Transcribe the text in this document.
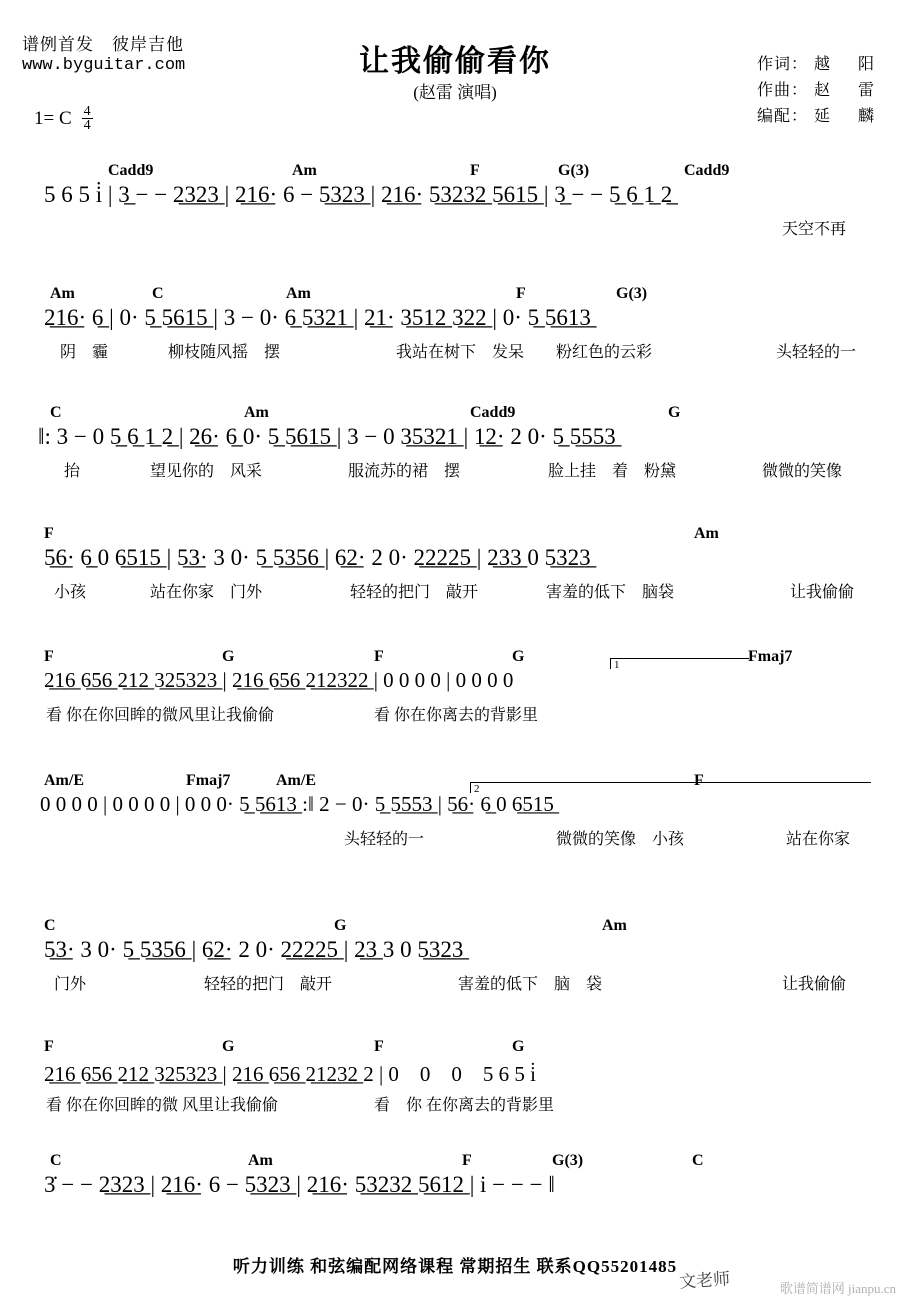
谱例首发　彼岸吉他
www.byguitar.com	让我偷偷看你
(赵雷 演唱)
作词： 越　阳
作曲： 赵　雷
编配： 延　麟
1= C $\frac{4}{4}$
Cadd9	Am	F	G(3)	Cadd9
5 6 5 i̇ | 3̲ − − 2̲3̲2̲3̲ | 2̲1̲6̲· 6 − 5̲3̲2̲3̲ | 2̲1̲6̲· 5̲3̲2̲3̲2̲ 5̲6̲1̲5̲ | 3̲ − − 5̲ 6̲ 1̲ 2̲
天空不再
Am	C	Am	F	G(3)
2̲1̲6̲· 6̲ | 0· 5̲ 5̲6̲1̲5̲ | 3 − 0· 6̲ 5̲3̲2̲1̲ | 2̲1̲· 3̲5̲1̲2̲ 3̲2̲2̲ | 0· 5̲ 5̲6̲1̲3̲
阴　霾	柳枝随风摇　摆	我站在树下　发呆 粉红色的云彩	头轻轻的一
C	Am	Cadd9	G
‖: 3 − 0 5̲ 6̲ 1̲ 2̲ | 2̲6̲· 6̲ 0· 5̲ 5̲6̲1̲5̲ | 3 − 0 3̲5̲3̲2̲1̲ | 1̲2̲· 2 0· 5̲ 5̲5̲5̲3̲
抬	望见你的　风采	服流苏的裙　摆	脸上挂　着　粉黛	微微的笑像
F	Am
5̲6̲· 6̲ 0 6̲5̲1̲5̲ | 5̲3̲· 3 0· 5̲ 5̲3̲5̲6̲ | 6̲2̲· 2 0· 2̲2̲2̲2̲5̲ | 2̲3̲3̲ 0 5̲3̲2̲3̲
小孩	站在你家　门外	轻轻的把门　敲开	害羞的低下　脑袋	让我偷偷
F	G	F	G	Fmaj7
1
2̲1̲6̲ 6̲5̲6̲ 2̲1̲2̲ 3̲2̲5̲3̲2̲3̲ | 2̲1̲6̲ 6̲5̲6̲ 2̲1̲2̲3̲2̲2̲ | 0 0 0 0 | 0 0 0 0
看 你在你回眸的微风里让我偷偷	看 你在你离去的背影里
Am/E	Fmaj7	Am/E	F
2
0 0 0 0 | 0 0 0 0 | 0 0 0· 5̲ 5̲6̲1̲3̲ :‖ 2 − 0· 5̲ 5̲5̲5̲3̲ | 5̲6̲· 6̲ 0 6̲5̲1̲5̲
头轻轻的一	微微的笑像　小孩	站在你家
C	G	Am
5̲3̲· 3 0· 5̲ 5̲3̲5̲6̲ | 6̲2̲· 2 0· 2̲2̲2̲2̲5̲ | 2̲3̲ 3 0 5̲3̲2̲3̲
门外	轻轻的把门　敲开	害羞的低下　脑　袋	让我偷偷
F	G	F	G
2̲1̲6̲ 6̲5̲6̲ 2̲1̲2̲ 3̲2̲5̲3̲2̲3̲ | 2̲1̲6̲ 6̲5̲6̲ 2̲1̲2̲3̲2̲ 2 | 0　0　0　5 6 5 i̇
看 你在你回眸的微 风里让我偷偷	看　你 在你离去的背影里
C	Am	F	G(3)	C
3̇ − − 2̲3̲2̲3̲ | 2̲1̲6̲· 6 − 5̲3̲2̲3̲ | 2̲1̲6̲· 5̲3̲2̲3̲2̲ 5̲6̲1̲2̲ | i − − − ‖
听力训练 和弦编配网络课程 常期招生 联系QQ55201485
文老师	歌谱简谱网 jianpu.cn
